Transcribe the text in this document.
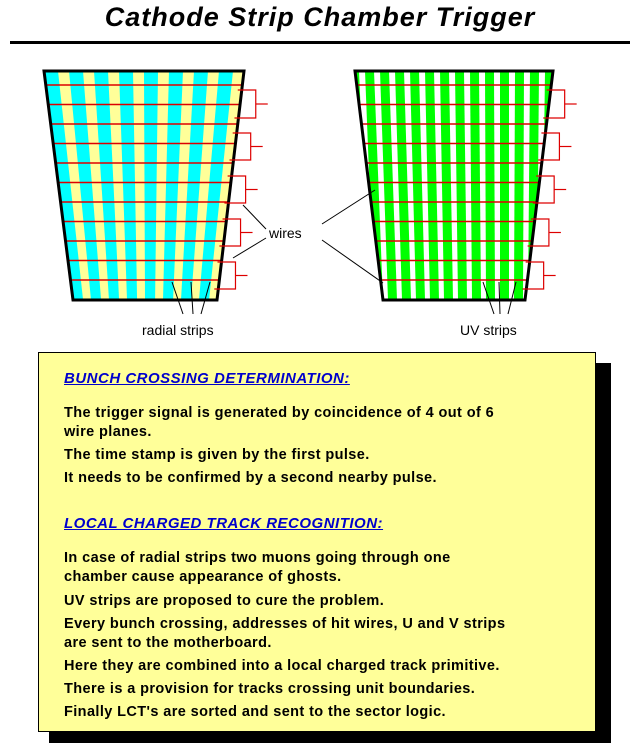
Cathode Strip Chamber Trigger
wires
radial strips	UV strips
BUNCH CROSSING DETERMINATION:
The trigger signal is generated by coincidence of 4 out of 6
wire planes.
The time stamp is given by the first pulse.
It needs to be confirmed by a second nearby pulse.
LOCAL CHARGED TRACK RECOGNITION:
In case of radial strips two muons going through one
chamber cause appearance of ghosts.
UV strips are proposed to cure the problem.
Every bunch crossing, addresses of hit wires, U and V strips
are sent to the motherboard.
Here they are combined into a local charged track primitive.
There is a provision for tracks crossing unit boundaries.
Finally LCT's are sorted and sent to the sector logic.
